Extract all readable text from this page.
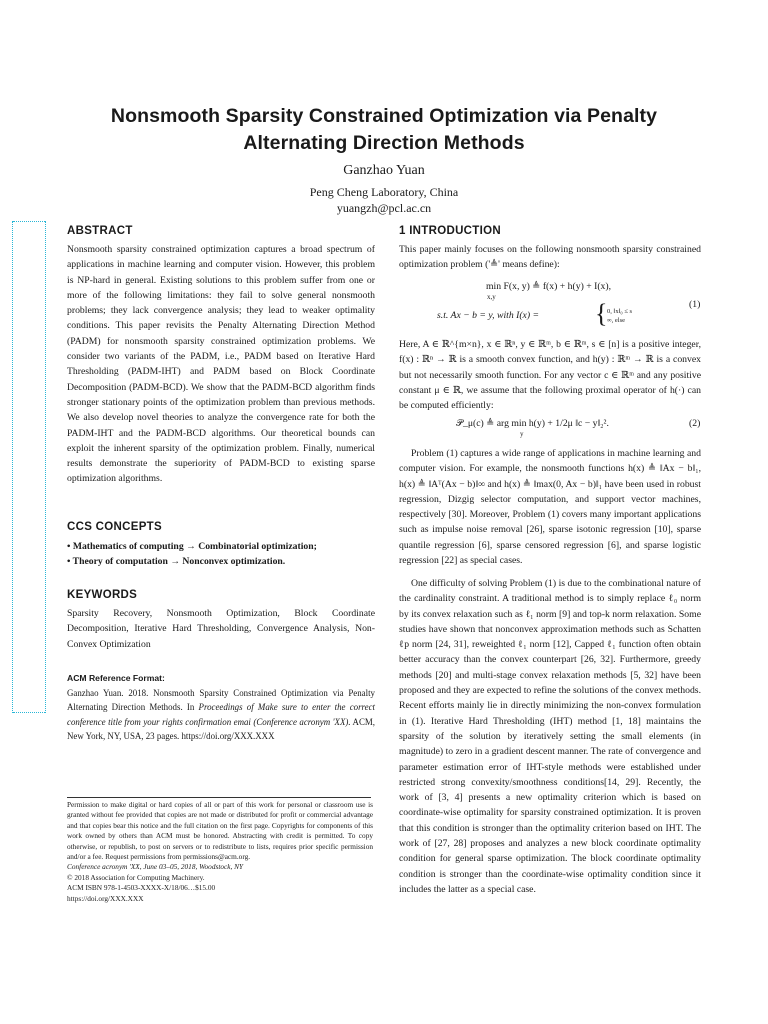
Nonsmooth Sparsity Constrained Optimization via Penalty
Alternating Direction Methods
Ganzhao Yuan
Peng Cheng Laboratory, China
yuangzh@pcl.ac.cn
ABSTRACT

Nonsmooth sparsity constrained optimization captures a broad spectrum of applications in machine learning and computer vision. However, this problem is NP-hard in general. Existing solutions to this problem suffer from one or more of the following limitations: they fail to solve general nonsmooth problems; they lack convergence analysis; they lead to weaker optimality conditions. This paper revisits the Penalty Alternating Direction Method (PADM) for nonsmooth sparsity constrained optimization problems. We consider two variants of the PADM, i.e., PADM based on Iterative Hard Thresholding (PADM-IHT) and PADM based on Block Coordinate Decomposition (PADM-BCD). We show that the PADM-BCD algorithm finds stronger stationary points of the optimization problem than previous methods. We also develop novel theories to analyze the convergence rate for both the PADM-IHT and the PADM-BCD algorithms. Our theoretical bounds can exploit the inherent sparsity of the optimization problem. Finally, numerical results demonstrate the superiority of PADM-BCD to existing sparse optimization algorithms.

CCS CONCEPTS

• Mathematics of computing → Combinatorial optimization;

• Theory of computation → Nonconvex optimization.

KEYWORDS

Sparsity Recovery, Nonsmooth Optimization, Block Coordinate Decomposition, Iterative Hard Thresholding, Convergence Analysis, Non-Convex Optimization

ACM Reference Format:

Ganzhao Yuan. 2018. Nonsmooth Sparsity Constrained Optimization via Penalty Alternating Direction Methods. In Proceedings of Make sure to enter the correct conference title from your rights confirmation emai (Conference acronym 'XX). ACM, New York, NY, USA, 23 pages. https://doi.org/XXX.XXX

Permission to make digital or hard copies of all or part of this work for personal or classroom use is granted without fee provided that copies are not made or distributed for profit or commercial advantage and that copies bear this notice and the full citation on the first page. Copyrights for components of this work owned by others than ACM must be honored. Abstracting with credit is permitted. To copy otherwise, or republish, to post on servers or to redistribute to lists, requires prior specific permission and/or a fee. Request permissions from permissions@acm.org.

Conference acronym 'XX, June 03–05, 2018, Woodstock, NY

© 2018 Association for Computing Machinery.

ACM ISBN 978-1-4503-XXXX-X/18/06…$15.00

https://doi.org/XXX.XXX

1 INTRODUCTION

This paper mainly focuses on the following nonsmooth sparsity constrained optimization problem ('≜' means define):

min F(x, y) ≜ f(x) + h(y) + I(x),
x,y
s.t. Ax − b = y, with I(x) = { 0, ‖x‖₀ ≤ s
∞, else
(1)

Here, A ∈ ℝ^{m×n}, x ∈ ℝⁿ, y ∈ ℝᵐ, b ∈ ℝᵐ, s ∈ [n] is a positive integer, f(x) : ℝⁿ → ℝ is a smooth convex function, and h(y) : ℝᵐ → ℝ is a convex but not necessarily smooth function. For any vector c ∈ ℝᵐ and any positive constant μ ∈ ℝ, we assume that the following proximal operator of h(·) can be computed efficiently:

𝒫_μ(c) ≜ arg min h(y) + 1/2μ ‖c − y‖₂².
y
(2)

Problem (1) captures a wide range of applications in machine learning and computer vision. For example, the nonsmooth functions h(x) ≜ ‖Ax − b‖₁, h(x) ≜ ‖Aᵀ(Ax − b)‖∞ and h(x) ≜ ‖max(0, Ax − b)‖₁ have been used in robust regression, Dizgig selector computation, and support vector machines, respectively [30]. Moreover, Problem (1) covers many important applications such as impulse noise removal [26], sparse isotonic regression [10], sparse quantile regression [6], sparse censored regression [6], and sparse logistic regression [22] as special cases.

One difficulty of solving Problem (1) is due to the combinational nature of the cardinality constraint. A traditional method is to simply replace ℓ₀ norm by its convex relaxation such as ℓ₁ norm [9] and top-k norm relaxation. Some studies have shown that nonconvex approximation methods such as Schatten ℓp norm [24, 31], reweighted ℓ₁ norm [12], Capped ℓ₁ function often obtain better accuracy than the convex counterpart [26, 32]. Furthermore, greedy methods [20] and multi-stage convex relaxation methods [5, 32] have been proposed and they are expected to refine the solutions of the convex methods. Recent efforts mainly lie in directly minimizing the non-convex formulation in (1). Iterative Hard Thresholding (IHT) method [1, 18] maintains the sparsity of the solution by iteratively setting the small elements (in magnitude) to zero in a gradient descent manner. The rate of convergence and parameter estimation error of IHT-style methods were established under restricted strong convexity/smoothness conditions[14, 29]. Recently, the work of [3, 4] presents a new optimality criterion which is based on coordinate-wise optimality for sparsity constrained optimization. It is proven that this condition is stronger than the optimality criterion based on IHT. The work of [27, 28] proposes and analyzes a new block coordinate optimality condition for general sparse optimization. The block coordinate optimality condition is stronger than the coordinate-wise optimality condition since it includes the latter as a special case.
